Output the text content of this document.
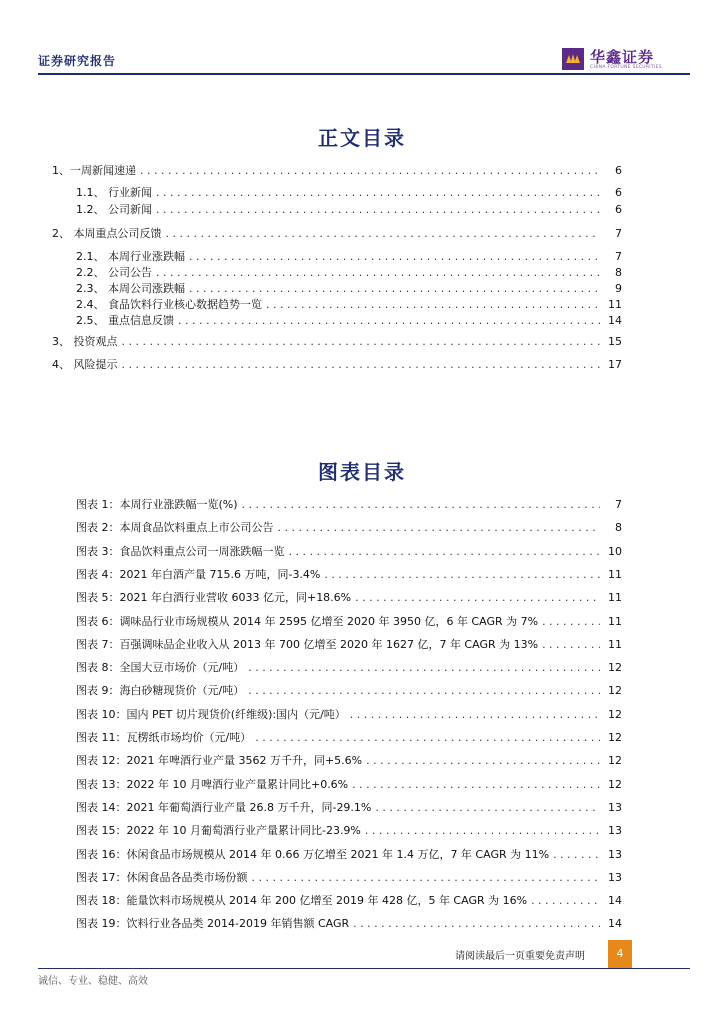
证券研究报告	华鑫证券
CHINA FORTUNE SECURITIES
正文目录
1、一周新闻速递 . . .	6
1.1、 行业新闻 . . .	6
1.2、 公司新闻 . . .	6
2、 本周重点公司反馈 . . .	7
2.1、 本周行业涨跌幅 . . .	7
2.2、 公司公告 . . .	8
2.3、 本周公司涨跌幅 . . .	9
2.4、 食品饮料行业核心数据趋势一览 . . .	11
2.5、 重点信息反馈 . . .	14
3、 投资观点 . . .	15
4、 风险提示 . . .	17
图表目录
图表 1：本周行业涨跌幅一览(%) . . .	7
图表 2：本周食品饮料重点上市公司公告 . . .	8
图表 3：食品饮料重点公司一周涨跌幅一览 . . .	10
图表 4：2021 年白酒产量 715.6 万吨，同-3.4% . . .	11
图表 5：2021 年白酒行业营收 6033 亿元，同+18.6% . . .	11
图表 6：调味品行业市场规模从 2014 年 2595 亿增至 2020 年 3950 亿，6 年 CAGR 为 7% . . .	11
图表 7：百强调味品企业收入从 2013 年 700 亿增至 2020 年 1627 亿，7 年 CAGR 为 13% . . .	11
图表 8：全国大豆市场价（元/吨） . . .	12
图表 9：海白砂糖现货价（元/吨） . . .	12
图表 10：国内 PET 切片现货价(纤维级):国内（元/吨） . . .	12
图表 11：瓦楞纸市场均价（元/吨） . . .	12
图表 12：2021 年啤酒行业产量 3562 万千升，同+5.6% . . .	12
图表 13：2022 年 10 月啤酒行业产量累计同比+0.6% . . .	12
图表 14：2021 年葡萄酒行业产量 26.8 万千升，同-29.1% . . .	13
图表 15：2022 年 10 月葡萄酒行业产量累计同比-23.9% . . .	13
图表 16：休闲食品市场规模从 2014 年 0.66 万亿增至 2021 年 1.4 万亿，7 年 CAGR 为 11% . . .	13
图表 17：休闲食品各品类市场份额 . . .	13
图表 18：能量饮料市场规模从 2014 年 200 亿增至 2019 年 428 亿，5 年 CAGR 为 16% . . .	14
图表 19：饮料行业各品类 2014-2019 年销售额 CAGR . . .	14
请阅读最后一页重要免责声明	4
诚信、专业、稳健、高效
